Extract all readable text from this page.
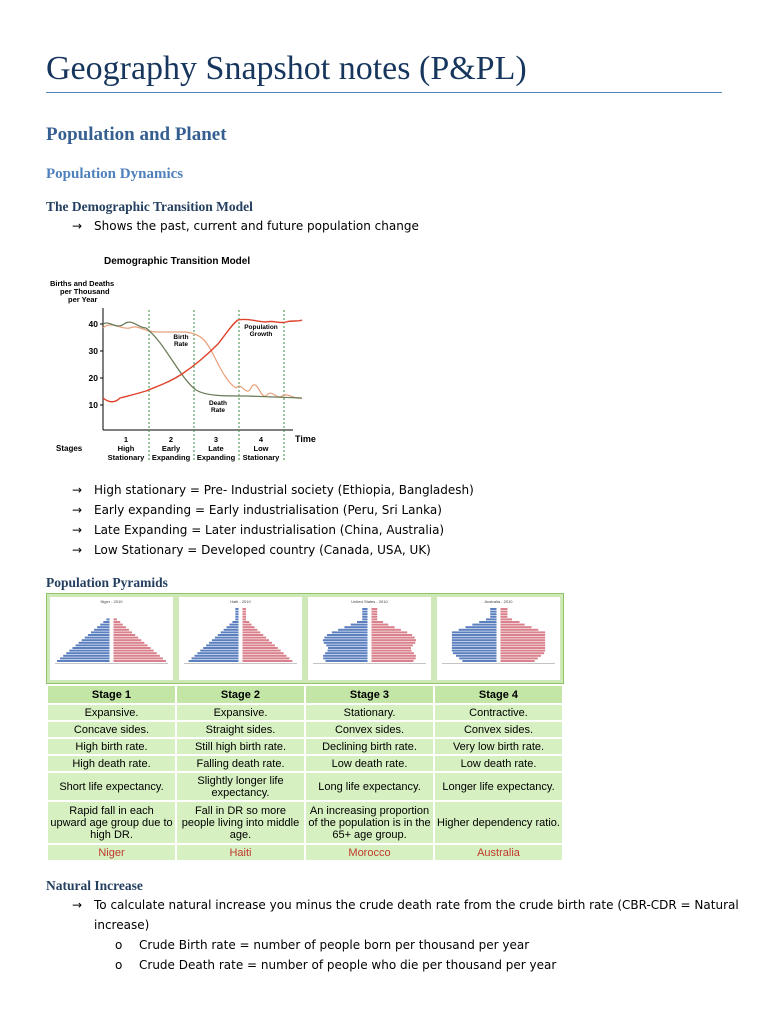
Geography Snapshot notes (P&PL)
Population and Planet
Population Dynamics
The Demographic Transition Model
→ Shows the past, current and future population change
Demographic Transition Model
Births and Deaths
per Thousand
per Year
Time
40
30
20
10
Birth
Rate
Death
Rate
Population
Growth
Stages
1
High
Stationary
2
Early
Expanding
3
Late
Expanding
4
Low
Stationary
→ High stationary = Pre- Industrial society (Ethiopia, Bangladesh)
→ Early expanding = Early industrialisation (Peru, Sri Lanka)
→ Late Expanding = Later industrialisation (China, Australia)
→ Low Stationary = Developed country (Canada, USA, UK)
Population Pyramids
Niger - 2010	Haiti - 2010	United States - 2010	Australia - 2010
Stage 1	Stage 2	Stage 3	Stage 4
Expansive.	Expansive.	Stationary.	Contractive.
Concave sides.	Straight sides.	Convex sides.	Convex sides.
High birth rate.	Still high birth rate.	Declining birth rate.	Very low birth rate.
High death rate.	Falling death rate.	Low death rate.	Low death rate.
Short life expectancy.	Slightly longer life expectancy.	Long life expectancy.	Longer life expectancy.
Rapid fall in each upward age group due to high DR.	Fall in DR so more people living into middle age.	An increasing proportion of the population is in the 65+ age group.	Higher dependency ratio.
Niger	Haiti	Morocco	Australia
Natural Increase
→ To calculate natural increase you minus the crude death rate from the crude birth rate (CBR-CDR = Natural
increase)
o Crude Birth rate = number of people born per thousand per year
o Crude Death rate = number of people who die per thousand per year
